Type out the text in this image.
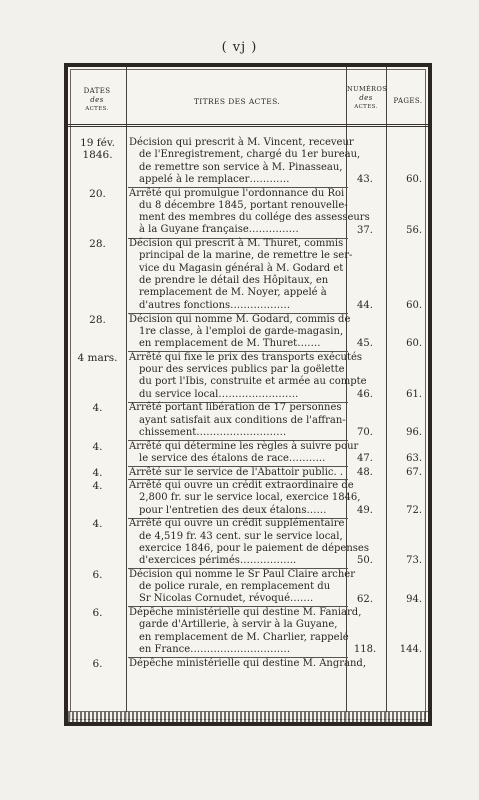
( vj )
DATES
des
ACTES.
TITRES DES ACTES.
NUMÉROS
des
ACTES.
PAGES.
19 fév.
1846.
Décision qui prescrit à M. Vincent, receveur
de l'Enregistrement, chargé du 1er bureau,
de remettre son service à M. Pinasseau,
appelé à le remplacer…………	43.	60.
20.	Arrêté qui promulgue l'ordonnance du Roi
du 8 décembre 1845, portant renouvelle-
ment des membres du collége des assesseurs
à la Guyane française……………	37.	56.
28.	Décision qui prescrit à M. Thuret, commis
principal de la marine, de remettre le ser-
vice du Magasin général à M. Godard et
de prendre le détail des Hôpitaux, en
remplacement de M. Noyer, appelé à
d'autres fonctions………………	44.	60.
28.	Décision qui nomme M. Godard, commis de
1re classe, à l'emploi de garde-magasin,
en remplacement de M. Thuret…….	45.	60.
4 mars.	Arrêté qui fixe le prix des transports exécutés
pour des services publics par la goëlette
du port l'Ibis, construite et armée au compte
du service local……………………	46.	61.
4.	Arrêté portant libération de 17 personnes
ayant satisfait aux conditions de l'affran-
chissement………………………	70.	96.
4.	Arrêté qui détermine les règles à suivre pour
le service des étalons de race………..	47.	63.
4.	Arrêté sur le service de l'Abattoir public. .	48.	67.
4.	Arrêté qui ouvre un crédit extraordinaire de
2,800 fr. sur le service local, exercice 1846,
pour l'entretien des deux étalons……	49.	72.
4.	Arrêté qui ouvre un crédit supplémentaire
de 4,519 fr. 43 cent. sur le service local,
exercice 1846, pour le paiement de dépenses
d'exercices périmés……………..	50.	73.
6.	Décision qui nomme le Sr Paul Claire archer
de police rurale, en remplacement du
Sr Nicolas Cornudet, révoqué…….	62.	94.
6.	Dépêche ministérielle qui destine M. Faniard,
garde d'Artillerie, à servir à la Guyane,
en remplacement de M. Charlier, rappelé
en France…………………………	118.	144.
6.	Dépêche ministérielle qui destine M. Angrand,
